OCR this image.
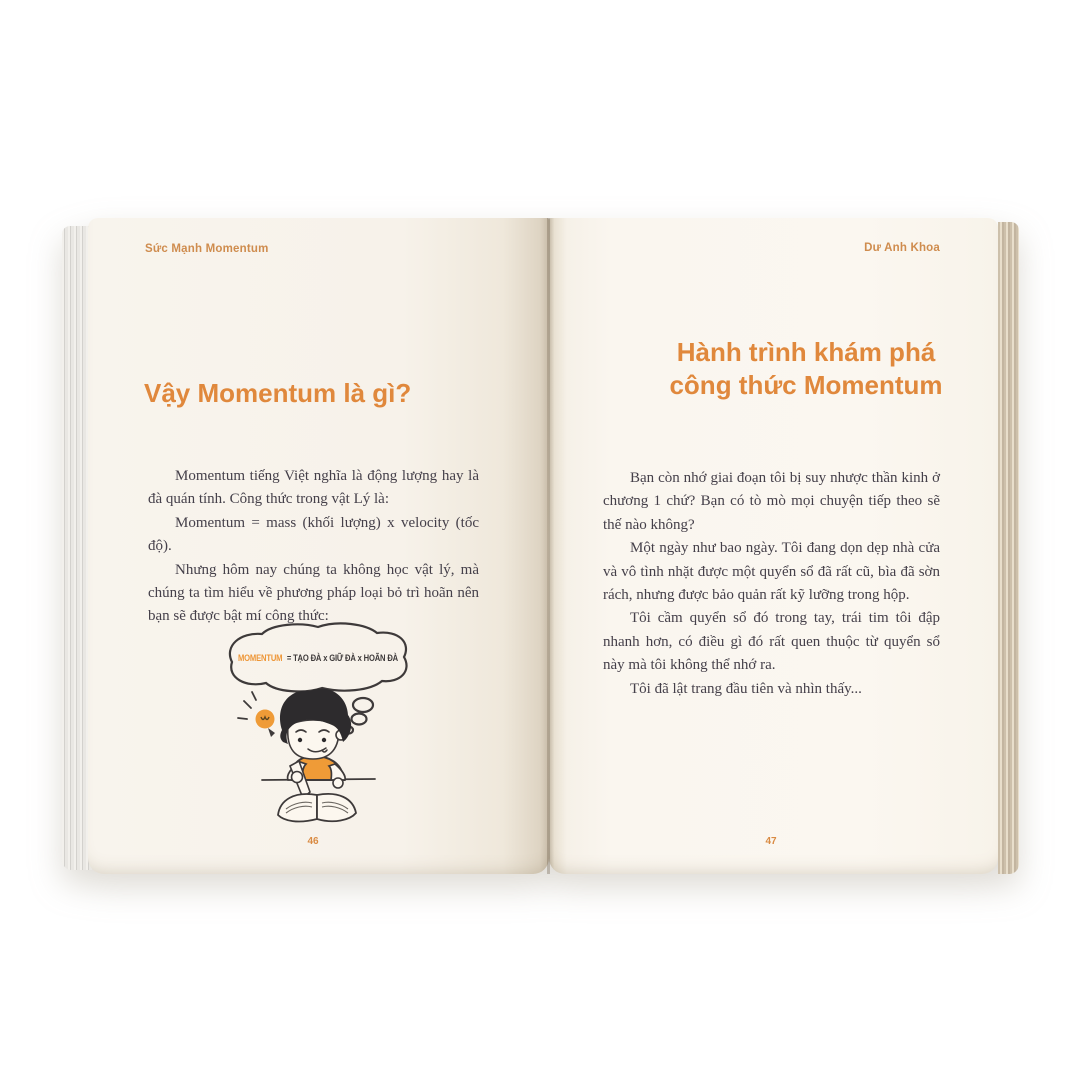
Sức Mạnh Momentum
Vậy Momentum là gì?

Momentum tiếng Việt nghĩa là động lượng hay là đà quán tính. Công thức trong vật Lý là:

Momentum = mass (khối lượng) x velocity (tốc độ).

Nhưng hôm nay chúng ta không học vật lý, mà chúng ta tìm hiểu về phương pháp loại bỏ trì hoãn nên bạn sẽ được bật mí công thức:

MOMENTUM = TẠO ĐÀ x GIỮ ĐÀ x HOÃN ĐÀ
46
Dư Anh Khoa
Hành trình khám phá
công thức Momentum

Bạn còn nhớ giai đoạn tôi bị suy nhược thần kinh ở chương 1 chứ? Bạn có tò mò mọi chuyện tiếp theo sẽ thế nào không?

Một ngày như bao ngày. Tôi đang dọn dẹp nhà cửa và vô tình nhặt được một quyển sổ đã rất cũ, bìa đã sờn rách, nhưng được bảo quản rất kỹ lưỡng trong hộp.

Tôi cầm quyển sổ đó trong tay, trái tim tôi đập nhanh hơn, có điều gì đó rất quen thuộc từ quyển sổ này mà tôi không thể nhớ ra.

Tôi đã lật trang đầu tiên và nhìn thấy...

47
